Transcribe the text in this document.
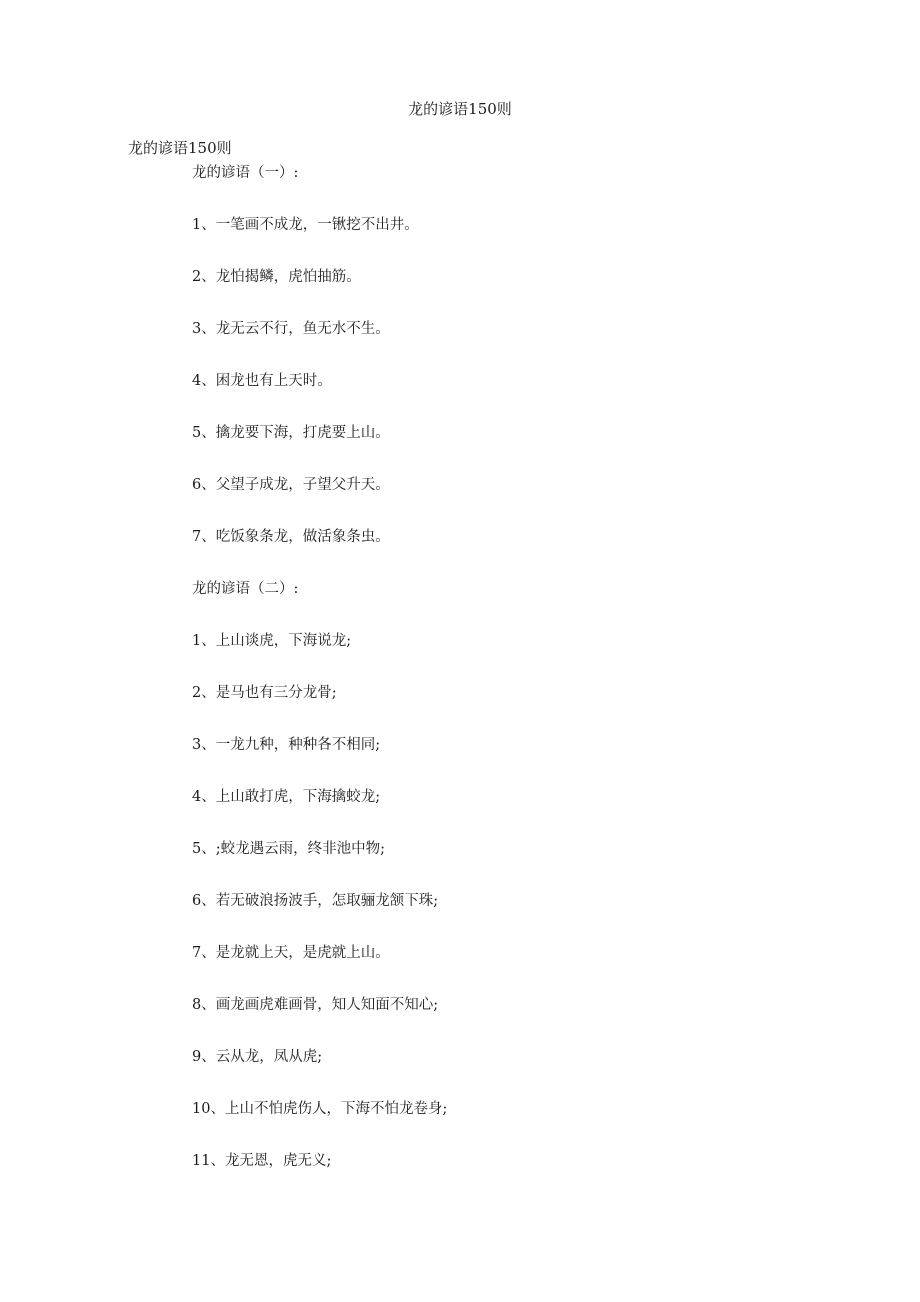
龙的谚语150则
龙的谚语150则
龙的谚语（一）:
1、一笔画不成龙，一锹挖不出井。
2、龙怕揭鳞，虎怕抽筋。
3、龙无云不行，鱼无水不生。
4、困龙也有上天时。
5、擒龙要下海，打虎要上山。
6、父望子成龙，子望父升天。
7、吃饭象条龙，做活象条虫。
龙的谚语（二）:
1、上山谈虎，下海说龙;
2、是马也有三分龙骨;
3、一龙九种，种种各不相同;
4、上山敢打虎，下海擒蛟龙;
5、;蛟龙遇云雨，终非池中物;
6、若无破浪扬波手，怎取骊龙颔下珠;
7、是龙就上天，是虎就上山。
8、画龙画虎难画骨，知人知面不知心;
9、云从龙，凤从虎;
10、上山不怕虎伤人，下海不怕龙卷身;
11、龙无恩，虎无义;
